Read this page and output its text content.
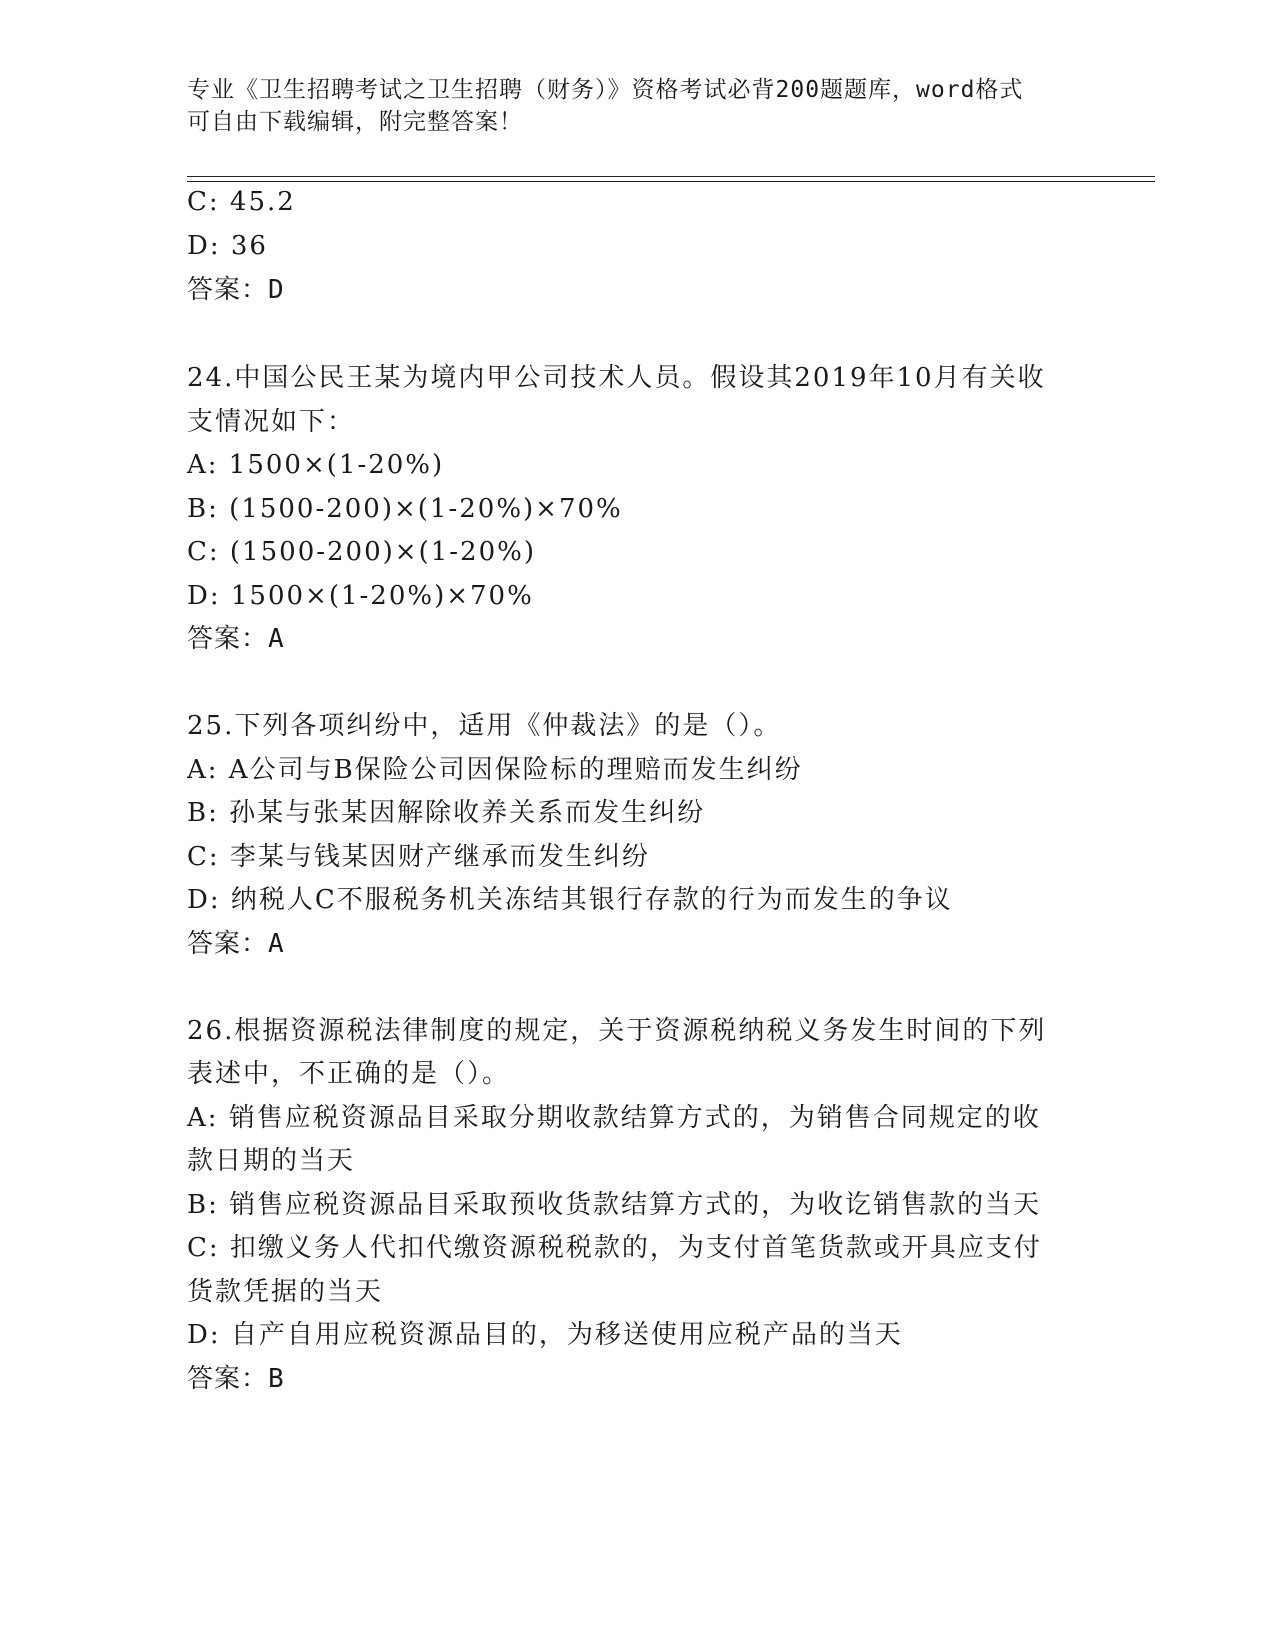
专业《卫生招聘考试之卫生招聘（财务）》资格考试必背200题题库，word格式
可自由下载编辑，附完整答案！
C: 45.2
D: 36
答案：D
24.中国公民王某为境内甲公司技术人员。假设其2019年10月有关收
支情况如下：
A: 1500×(1-20%)
B: (1500-200)×(1-20%)×70%
C: (1500-200)×(1-20%)
D: 1500×(1-20%)×70%
答案：A
25.下列各项纠纷中，适用《仲裁法》的是（）。
A: A公司与B保险公司因保险标的理赔而发生纠纷
B: 孙某与张某因解除收养关系而发生纠纷
C: 李某与钱某因财产继承而发生纠纷
D: 纳税人C不服税务机关冻结其银行存款的行为而发生的争议
答案：A
26.根据资源税法律制度的规定，关于资源税纳税义务发生时间的下列
表述中，不正确的是（）。
A: 销售应税资源品目采取分期收款结算方式的，为销售合同规定的收
款日期的当天
B: 销售应税资源品目采取预收货款结算方式的，为收讫销售款的当天
C: 扣缴义务人代扣代缴资源税税款的，为支付首笔货款或开具应支付
货款凭据的当天
D: 自产自用应税资源品目的，为移送使用应税产品的当天
答案：B
